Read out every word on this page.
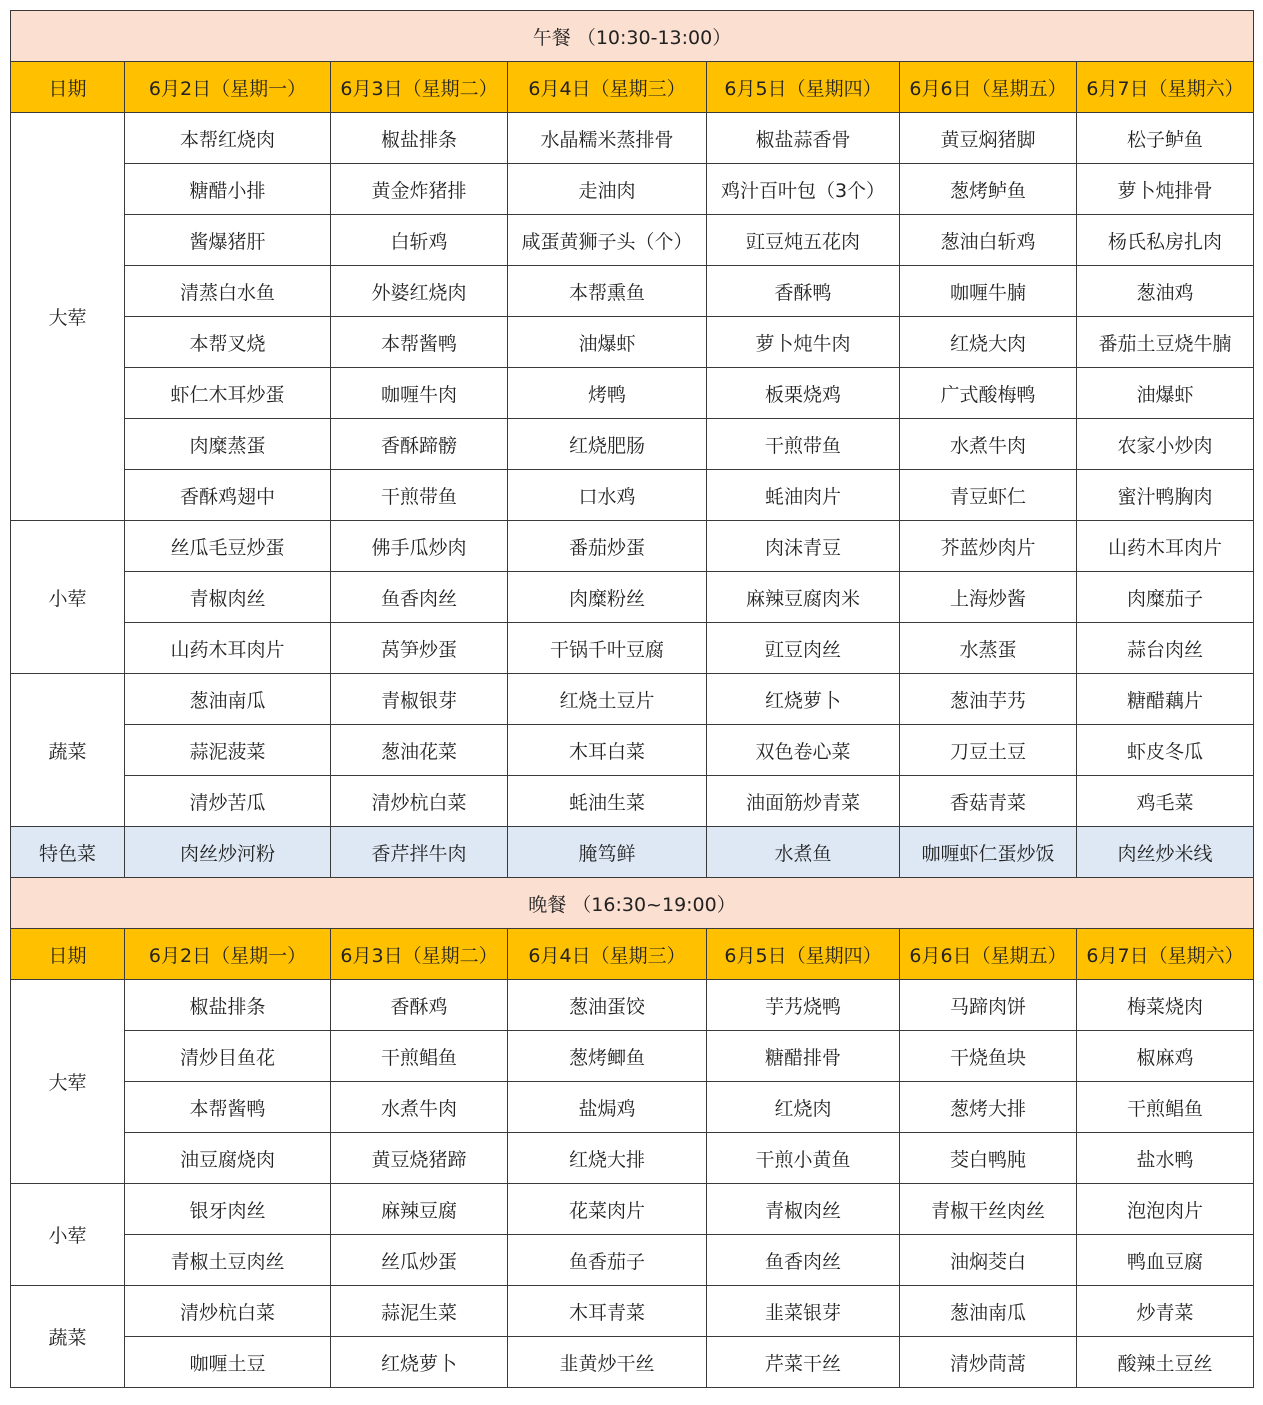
午餐 （10:30-13:00）						
日期	6月2日（星期一）	6月3日（星期二）	6月4日（星期三）	6月5日（星期四）	6月6日（星期五）	6月7日（星期六）
大荤	本帮红烧肉	椒盐排条	水晶糯米蒸排骨	椒盐蒜香骨	黄豆焖猪脚	松子鲈鱼
	糖醋小排	黄金炸猪排	走油肉	鸡汁百叶包（3个）	葱烤鲈鱼	萝卜炖排骨
	酱爆猪肝	白斩鸡	咸蛋黄狮子头（个）	豇豆炖五花肉	葱油白斩鸡	杨氏私房扎肉
	清蒸白水鱼	外婆红烧肉	本帮熏鱼	香酥鸭	咖喱牛腩	葱油鸡
	本帮叉烧	本帮酱鸭	油爆虾	萝卜炖牛肉	红烧大肉	番茄土豆烧牛腩
	虾仁木耳炒蛋	咖喱牛肉	烤鸭	板栗烧鸡	广式酸梅鸭	油爆虾
	肉糜蒸蛋	香酥蹄髈	红烧肥肠	干煎带鱼	水煮牛肉	农家小炒肉
	香酥鸡翅中	干煎带鱼	口水鸡	蚝油肉片	青豆虾仁	蜜汁鸭胸肉
小荤	丝瓜毛豆炒蛋	佛手瓜炒肉	番茄炒蛋	肉沫青豆	芥蓝炒肉片	山药木耳肉片
	青椒肉丝	鱼香肉丝	肉糜粉丝	麻辣豆腐肉米	上海炒酱	肉糜茄子
	山药木耳肉片	莴笋炒蛋	干锅千叶豆腐	豇豆肉丝	水蒸蛋	蒜台肉丝
蔬菜	葱油南瓜	青椒银芽	红烧土豆片	红烧萝卜	葱油芋艿	糖醋藕片
	蒜泥菠菜	葱油花菜	木耳白菜	双色卷心菜	刀豆土豆	虾皮冬瓜
	清炒苦瓜	清炒杭白菜	蚝油生菜	油面筋炒青菜	香菇青菜	鸡毛菜
特色菜	肉丝炒河粉	香芹拌牛肉	腌笃鲜	水煮鱼	咖喱虾仁蛋炒饭	肉丝炒米线
晚餐 （16:30~19:00）						
日期	6月2日（星期一）	6月3日（星期二）	6月4日（星期三）	6月5日（星期四）	6月6日（星期五）	6月7日（星期六）
大荤	椒盐排条	香酥鸡	葱油蛋饺	芋艿烧鸭	马蹄肉饼	梅菜烧肉
	清炒目鱼花	干煎鲳鱼	葱烤鲫鱼	糖醋排骨	干烧鱼块	椒麻鸡
	本帮酱鸭	水煮牛肉	盐焗鸡	红烧肉	葱烤大排	干煎鲳鱼
	油豆腐烧肉	黄豆烧猪蹄	红烧大排	干煎小黄鱼	茭白鸭肫	盐水鸭
小荤	银牙肉丝	麻辣豆腐	花菜肉片	青椒肉丝	青椒干丝肉丝	泡泡肉片
	青椒土豆肉丝	丝瓜炒蛋	鱼香茄子	鱼香肉丝	油焖茭白	鸭血豆腐
蔬菜	清炒杭白菜	蒜泥生菜	木耳青菜	韭菜银芽	葱油南瓜	炒青菜
	咖喱土豆	红烧萝卜	韭黄炒干丝	芹菜干丝	清炒茼蒿	酸辣土豆丝
